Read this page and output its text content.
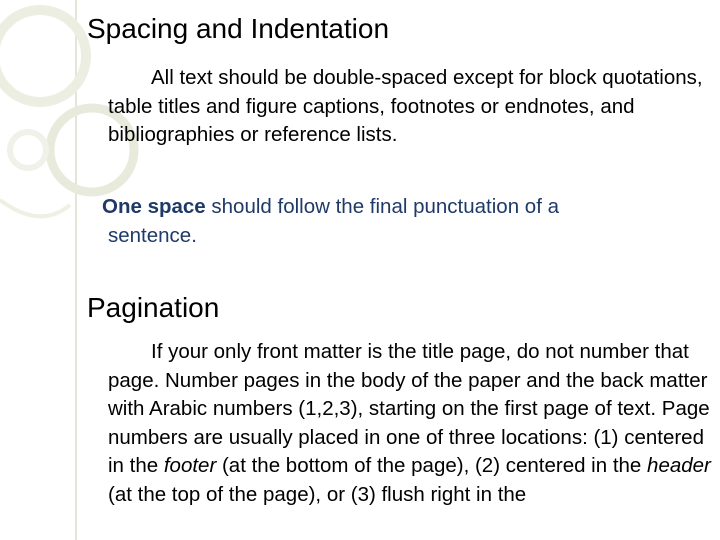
Spacing and Indentation

All text should be double-spaced except for block quotations, table titles and figure captions, footnotes or endnotes, and bibliographies or reference lists.

One space should follow the final punctuation of a
sentence.
Pagination

If your only front matter is the title page, do not number that page. Number pages in the body of the paper and the back matter with Arabic numbers (1,2,3), starting on the first page of text. Page numbers are usually placed in one of three locations: (1) centered in the footer (at the bottom of the page), (2) centered in the header (at the top of the page), or (3) flush right in the
